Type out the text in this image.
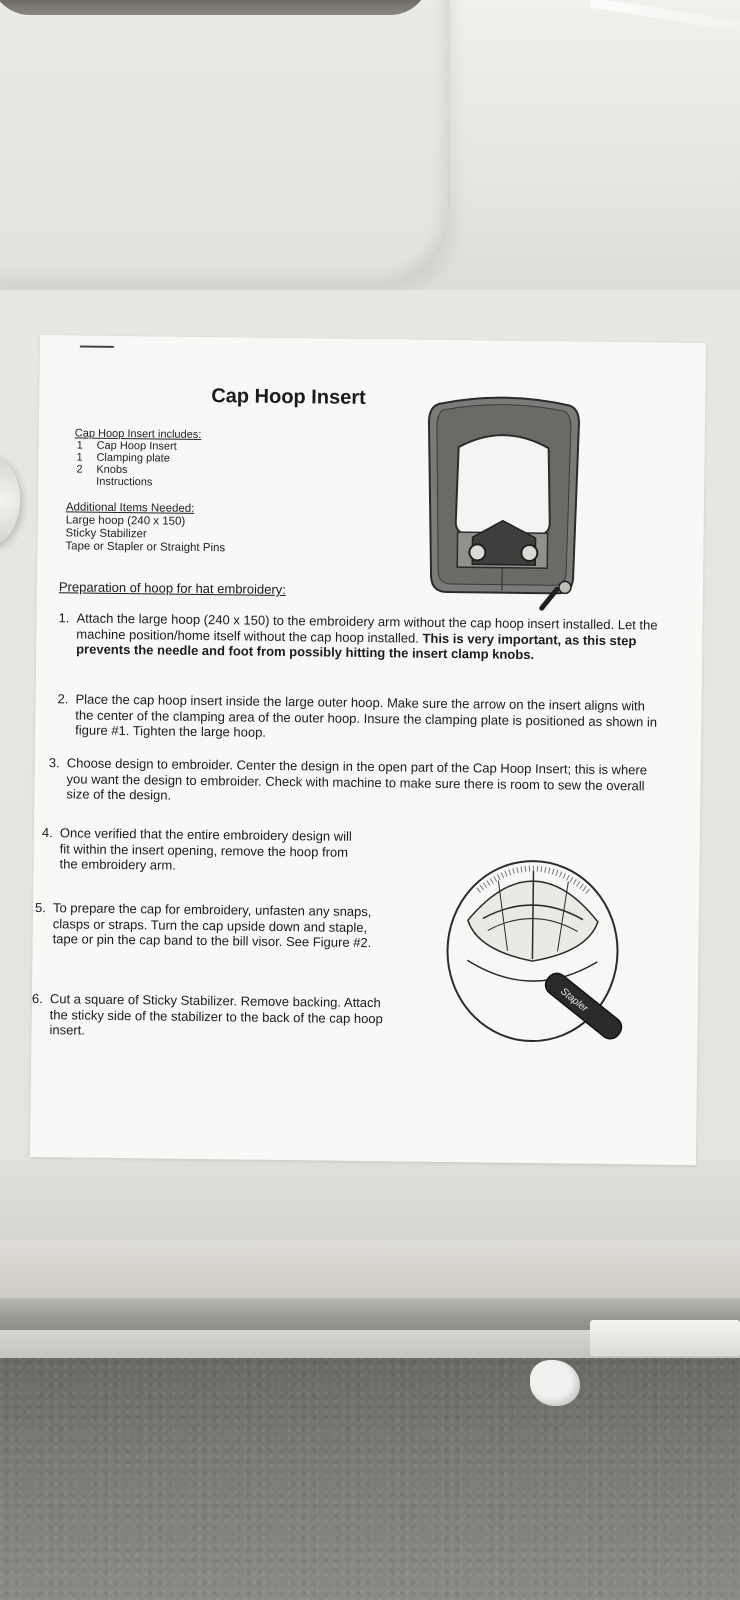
Cap Hoop Insert
Cap Hoop Insert includes:
1	Cap Hoop Insert
1	Clamping plate
2	Knobs
Instructions
Additional Items Needed:
Large hoop (240 x 150)
Sticky Stabilizer
Tape or Stapler or Straight Pins
Preparation of hoop for hat embroidery:
1. Attach the large hoop (240 x 150) to the embroidery arm without the cap hoop insert installed. Let the machine position/home itself without the cap hoop installed. This is very important, as this step prevents the needle and foot from possibly hitting the insert clamp knobs.
2. Place the cap hoop insert inside the large outer hoop. Make sure the arrow on the insert aligns with the center of the clamping area of the outer hoop. Insure the clamping plate is positioned as shown in figure #1. Tighten the large hoop.
3. Choose design to embroider. Center the design in the open part of the Cap Hoop Insert; this is where you want the design to embroider. Check with machine to make sure there is room to sew the overall size of the design.
4. Once verified that the entire embroidery design will fit within the insert opening, remove the hoop from the embroidery arm.
5. To prepare the cap for embroidery, unfasten any snaps, clasps or straps. Turn the cap upside down and staple, tape or pin the cap band to the bill visor. See Figure #2.
6. Cut a square of Sticky Stabilizer. Remove backing. Attach the sticky side of the stabilizer to the back of the cap hoop insert.
Stapler
